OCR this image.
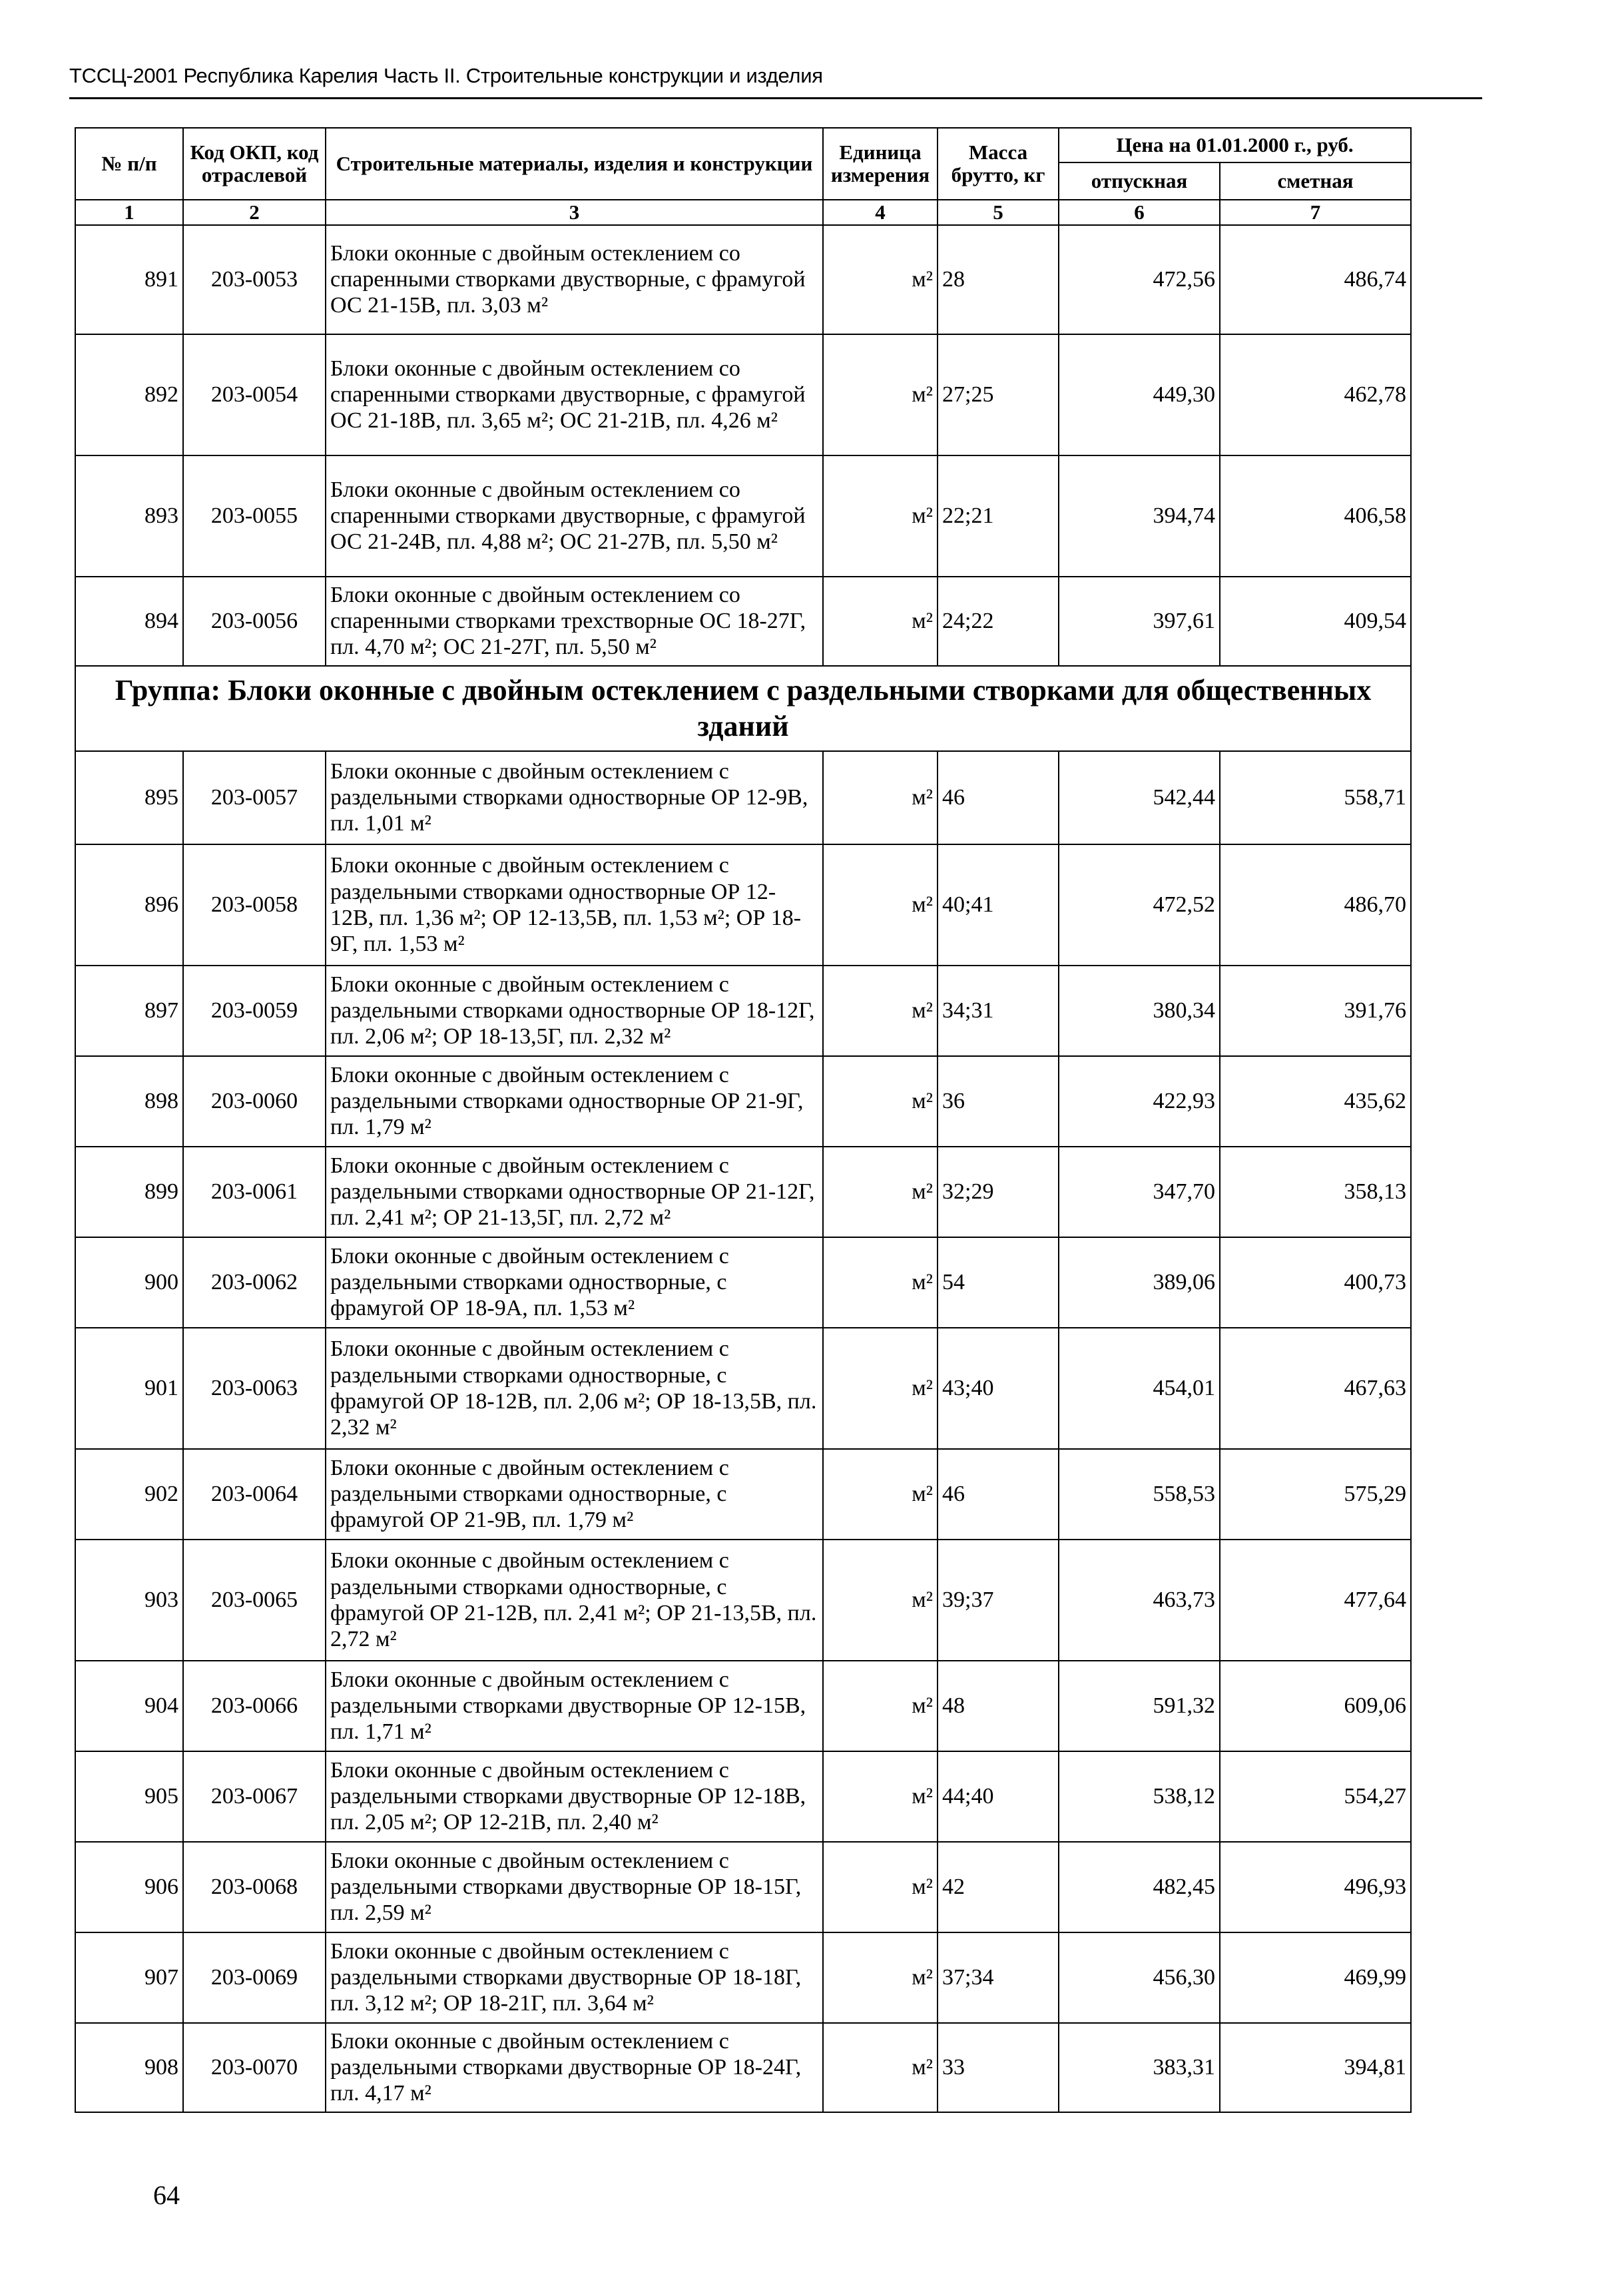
ТССЦ-2001 Республика Карелия Часть II. Строительные конструкции и изделия
№ п/п	Код ОКП, код отраслевой	Строительные материалы, изделия и конструкции	Единица измерения	Масса брутто, кг	Цена на 01.01.2000 г., руб.	
					отпускная	сметная
1	2	3	4	5	6	7
891	203-0053	Блоки оконные с двойным остеклением со спаренными створками двустворные, с фрамугой ОС 21-15В, пл. 3,03 м²	м²	28	472,56	486,74
892	203-0054	Блоки оконные с двойным остеклением со спаренными створками двустворные, с фрамугой ОС 21-18В, пл. 3,65 м²; ОС 21-21В, пл. 4,26 м²	м²	27;25	449,30	462,78
893	203-0055	Блоки оконные с двойным остеклением со спаренными створками двустворные, с фрамугой ОС 21-24В, пл. 4,88 м²; ОС 21-27В, пл. 5,50 м²	м²	22;21	394,74	406,58
894	203-0056	Блоки оконные с двойным остеклением со спаренными створками трехстворные ОС 18-27Г, пл. 4,70 м²; ОС 21-27Г, пл. 5,50 м²	м²	24;22	397,61	409,54
Группа: Блоки оконные с двойным остеклением с раздельными створками для общественных зданий						
895	203-0057	Блоки оконные с двойным остеклением с раздельными створками одностворные ОР 12-9В, пл. 1,01 м²	м²	46	542,44	558,71
896	203-0058	Блоки оконные с двойным остеклением с раздельными створками одностворные ОР 12-12В, пл. 1,36 м²; ОР 12-13,5В, пл. 1,53 м²; ОР 18-9Г, пл. 1,53 м²	м²	40;41	472,52	486,70
897	203-0059	Блоки оконные с двойным остеклением с раздельными створками одностворные ОР 18-12Г, пл. 2,06 м²; ОР 18-13,5Г, пл. 2,32 м²	м²	34;31	380,34	391,76
898	203-0060	Блоки оконные с двойным остеклением с раздельными створками одностворные ОР 21-9Г, пл. 1,79 м²	м²	36	422,93	435,62
899	203-0061	Блоки оконные с двойным остеклением с раздельными створками одностворные ОР 21-12Г, пл. 2,41 м²; ОР 21-13,5Г, пл. 2,72 м²	м²	32;29	347,70	358,13
900	203-0062	Блоки оконные с двойным остеклением с раздельными створками одностворные, с фрамугой ОР 18-9А, пл. 1,53 м²	м²	54	389,06	400,73
901	203-0063	Блоки оконные с двойным остеклением с раздельными створками одностворные, с фрамугой ОР 18-12В, пл. 2,06 м²; ОР 18-13,5В, пл. 2,32 м²	м²	43;40	454,01	467,63
902	203-0064	Блоки оконные с двойным остеклением с раздельными створками одностворные, с фрамугой ОР 21-9В, пл. 1,79 м²	м²	46	558,53	575,29
903	203-0065	Блоки оконные с двойным остеклением с раздельными створками одностворные, с фрамугой ОР 21-12В, пл. 2,41 м²; ОР 21-13,5В, пл. 2,72 м²	м²	39;37	463,73	477,64
904	203-0066	Блоки оконные с двойным остеклением с раздельными створками двустворные ОР 12-15В, пл. 1,71 м²	м²	48	591,32	609,06
905	203-0067	Блоки оконные с двойным остеклением с раздельными створками двустворные ОР 12-18В, пл. 2,05 м²; ОР 12-21В, пл. 2,40 м²	м²	44;40	538,12	554,27
906	203-0068	Блоки оконные с двойным остеклением с раздельными створками двустворные ОР 18-15Г, пл. 2,59 м²	м²	42	482,45	496,93
907	203-0069	Блоки оконные с двойным остеклением с раздельными створками двустворные ОР 18-18Г, пл. 3,12 м²; ОР 18-21Г, пл. 3,64 м²	м²	37;34	456,30	469,99
908	203-0070	Блоки оконные с двойным остеклением с раздельными створками двустворные ОР 18-24Г, пл. 4,17 м²	м²	33	383,31	394,81
64
